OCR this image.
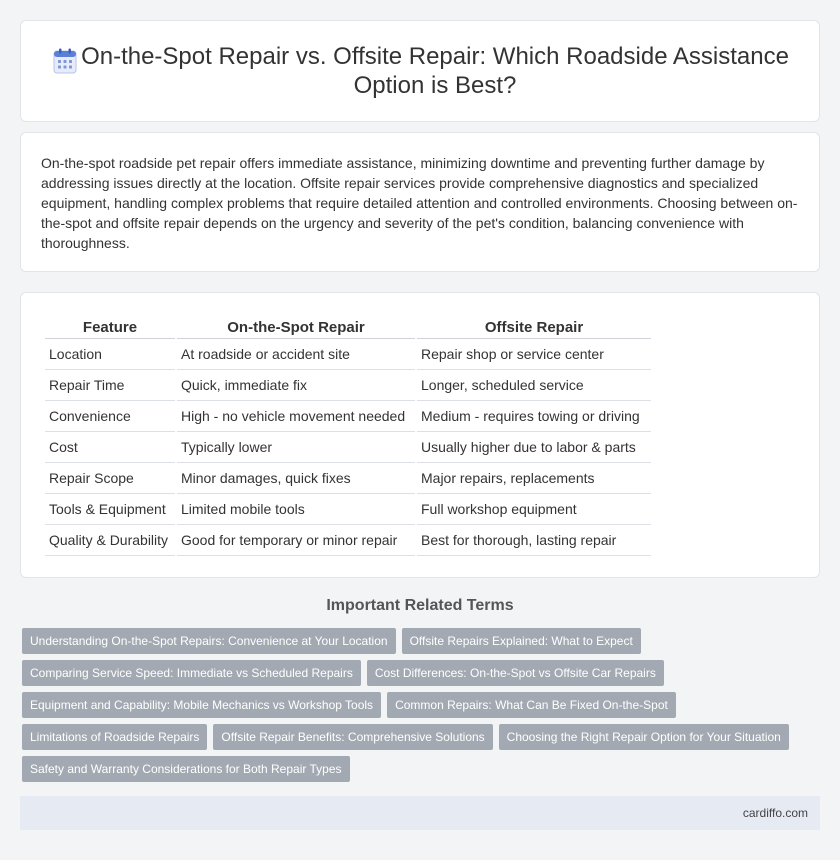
On-the-Spot Repair vs. Offsite Repair: Which Roadside Assistance Option is Best?

On-the-spot roadside pet repair offers immediate assistance, minimizing downtime and preventing further damage by addressing issues directly at the location. Offsite repair services provide comprehensive diagnostics and specialized equipment, handling complex problems that require detailed attention and controlled environments. Choosing between on-the-spot and offsite repair depends on the urgency and severity of the pet's condition, balancing convenience with thoroughness.

Feature	On-the-Spot Repair	Offsite Repair
Location	At roadside or accident site	Repair shop or service center
Repair Time	Quick, immediate fix	Longer, scheduled service
Convenience	High - no vehicle movement needed	Medium - requires towing or driving
Cost	Typically lower	Usually higher due to labor & parts
Repair Scope	Minor damages, quick fixes	Major repairs, replacements
Tools & Equipment	Limited mobile tools	Full workshop equipment
Quality & Durability	Good for temporary or minor repair	Best for thorough, lasting repair
Important Related Terms
Understanding On-the-Spot Repairs: Convenience at Your Location	Offsite Repairs Explained: What to Expect
Comparing Service Speed: Immediate vs Scheduled Repairs	Cost Differences: On-the-Spot vs Offsite Car Repairs
Equipment and Capability: Mobile Mechanics vs Workshop Tools	Common Repairs: What Can Be Fixed On-the-Spot
Limitations of Roadside Repairs	Offsite Repair Benefits: Comprehensive Solutions	Choosing the Right Repair Option for Your Situation
Safety and Warranty Considerations for Both Repair Types
cardiffo.com
